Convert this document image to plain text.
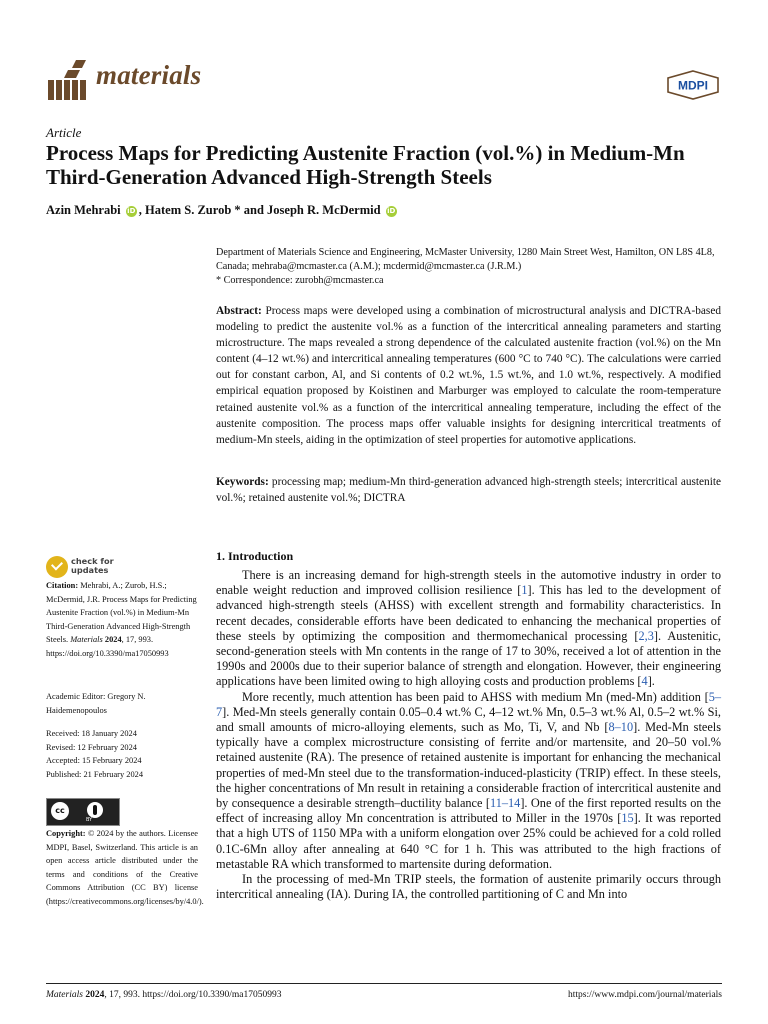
materials	MDPI
Article
Process Maps for Predicting Austenite Fraction (vol.%) in Medium-Mn Third-Generation Advanced High-Strength Steels
Azin Mehrabi iD , Hatem S. Zurob * and Joseph R. McDermid iD
Department of Materials Science and Engineering, McMaster University, 1280 Main Street West, Hamilton, ON L8S 4L8, Canada; mehraba@mcmaster.ca (A.M.); mcdermid@mcmaster.ca (J.R.M.)
* Correspondence: zurobh@mcmaster.ca
Abstract: Process maps were developed using a combination of microstructural analysis and DICTRA-based modeling to predict the austenite vol.% as a function of the intercritical annealing parameters and starting microstructure. The maps revealed a strong dependence of the calculated austenite fraction (vol.%) on the Mn content (4–12 wt.%) and intercritical annealing temperatures (600 °C to 740 °C). The calculations were carried out for constant carbon, Al, and Si contents of 0.2 wt.%, 1.5 wt.%, and 1.0 wt.%, respectively. A modified empirical equation proposed by Koistinen and Marburger was employed to calculate the room-temperature retained austenite vol.% as a function of the intercritical annealing temperature, including the effect of the austenite composition. The process maps offer valuable insights for designing intercritical treatments of medium-Mn steels, aiding in the optimization of steel properties for automotive applications.
Keywords: processing map; medium-Mn third-generation advanced high-strength steels; intercritical austenite vol.%; retained austenite vol.%; DICTRA
check for
updates
Citation: Mehrabi, A.; Zurob, H.S.; McDermid, J.R. Process Maps for Predicting Austenite Fraction (vol.%) in Medium-Mn Third-Generation Advanced High-Strength Steels. Materials 2024, 17, 993. https://doi.org/10.3390/ma17050993
Academic Editor: Gregory N. Haidemenopoulos
Received: 18 January 2024
Revised: 12 February 2024
Accepted: 15 February 2024
Published: 21 February 2024
cc
BY
Copyright: © 2024 by the authors. Licensee MDPI, Basel, Switzerland. This article is an open access article distributed under the terms and conditions of the Creative Commons Attribution (CC BY) license (https://creativecommons.org/licenses/by/4.0/).
1. Introduction

There is an increasing demand for high-strength steels in the automotive industry in order to enable weight reduction and improved collision resilience [1]. This has led to the development of advanced high-strength steels (AHSS) with excellent strength and formability characteristics. In recent decades, considerable efforts have been dedicated to enhancing the mechanical properties of these steels by optimizing the composition and thermomechanical processing [2,3]. Austenitic, second-generation steels with Mn contents in the range of 17 to 30%, received a lot of attention in the 1990s and 2000s due to their superior balance of strength and elongation. However, their engineering applications have been limited owing to high alloying costs and production problems [4].

More recently, much attention has been paid to AHSS with medium Mn (med-Mn) addition [5–7]. Med-Mn steels generally contain 0.05–0.4 wt.% C, 4–12 wt.% Mn, 0.5–3 wt.% Al, 0.5–2 wt.% Si, and small amounts of micro-alloying elements, such as Mo, Ti, V, and Nb [8–10]. Med-Mn steels typically have a complex microstructure consisting of ferrite and/or martensite, and 20–50 vol.% retained austenite (RA). The presence of retained austenite is important for enhancing the mechanical properties of med-Mn steel due to the transformation-induced-plasticity (TRIP) effect. In these steels, the higher concentrations of Mn result in retaining a considerable fraction of intercritical austenite and by consequence a desirable strength–ductility balance [11–14]. One of the first reported results on the effect of increasing alloy Mn concentration is attributed to Miller in the 1970s [15]. It was reported that a high UTS of 1150 MPa with a uniform elongation over 25% could be achieved for a cold rolled 0.1C-6Mn alloy after annealing at 640 °C for 1 h. This was attributed to the high fractions of metastable RA which transformed to martensite during deformation.

In the processing of med-Mn TRIP steels, the formation of austenite primarily occurs through intercritical annealing (IA). During IA, the controlled partitioning of C and Mn into

Materials 2024, 17, 993. https://doi.org/10.3390/ma17050993	https://www.mdpi.com/journal/materials
